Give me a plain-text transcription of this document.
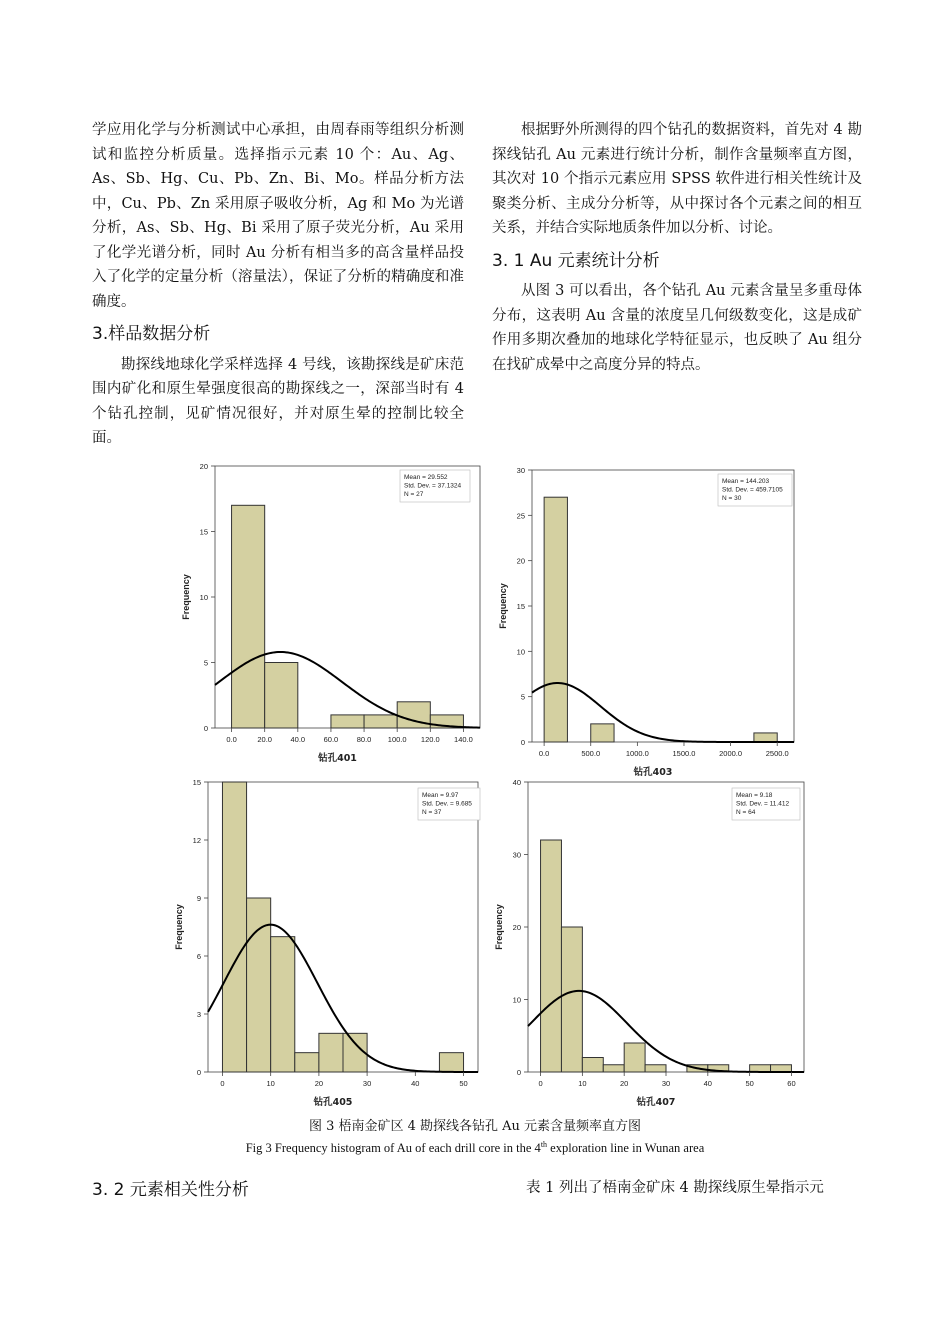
学应用化学与分析测试中心承担，由周春雨等组织分析测试和监控分析质量。选择指示元素 10 个：Au、Ag、As、Sb、Hg、Cu、Pb、Zn、Bi、Mo。样品分析方法中，Cu、Pb、Zn 采用原子吸收分析，Ag 和 Mo 为光谱分析，As、Sb、Hg、Bi 采用了原子荧光分析，Au 采用了化学光谱分析，同时 Au 分析有相当多的高含量样品投入了化学的定量分析（溶量法），保证了分析的精确度和准确度。

3.样品数据分析

勘探线地球化学采样选择 4 号线，该勘探线是矿床范围内矿化和原生晕强度很高的勘探线之一，深部当时有 4 个钻孔控制，见矿情况很好，并对原生晕的控制比较全面。

根据野外所测得的四个钻孔的数据资料，首先对 4 勘探线钻孔 Au 元素进行统计分析，制作含量频率直方图，其次对 10 个指示元素应用 SPSS 软件进行相关性统计及聚类分析、主成分分析等，从中探讨各个元素之间的相互关系，并结合实际地质条件加以分析、讨论。

3. 1 Au 元素统计分析

从图 3 可以看出，各个钻孔 Au 元素含量呈多重母体分布，这表明 Au 含量的浓度呈几何级数变化，这是成矿作用多期次叠加的地球化学特征显示，也反映了 Au 组分在找矿成晕中之高度分异的特点。

0
5
10
15
20
0.0	20.0 40.0 60.0 80.0 100.0 120.0 140.0
Frequency
钻孔401
Mean = 29.552
Std. Dev. = 37.1324
N = 27
0
5
10
15
20
25
30
0.0	500.0	1000.0	1500.0	2000.0	2500.0
Frequency
钻孔403
Mean = 144.203
Std. Dev. = 459.7105
N = 30
0
3
6
9
12
15
0	10	20	30	40	50
Frequency
钻孔405
Mean = 9.97
Std. Dev. = 9.685
N = 37
0
10
20
30
40
0	10	20	30	40	50	60
Frequency
钻孔407
Mean = 9.18
Std. Dev. = 11.412
N = 64
图 3 梧南金矿区 4 勘探线各钻孔 Au 元素含量频率直方图
Fig 3 Frequency histogram of Au of each drill core in the 4th exploration line in Wunan area
3. 2 元素相关性分析	表 1 列出了梧南金矿床 4 勘探线原生晕指示元
